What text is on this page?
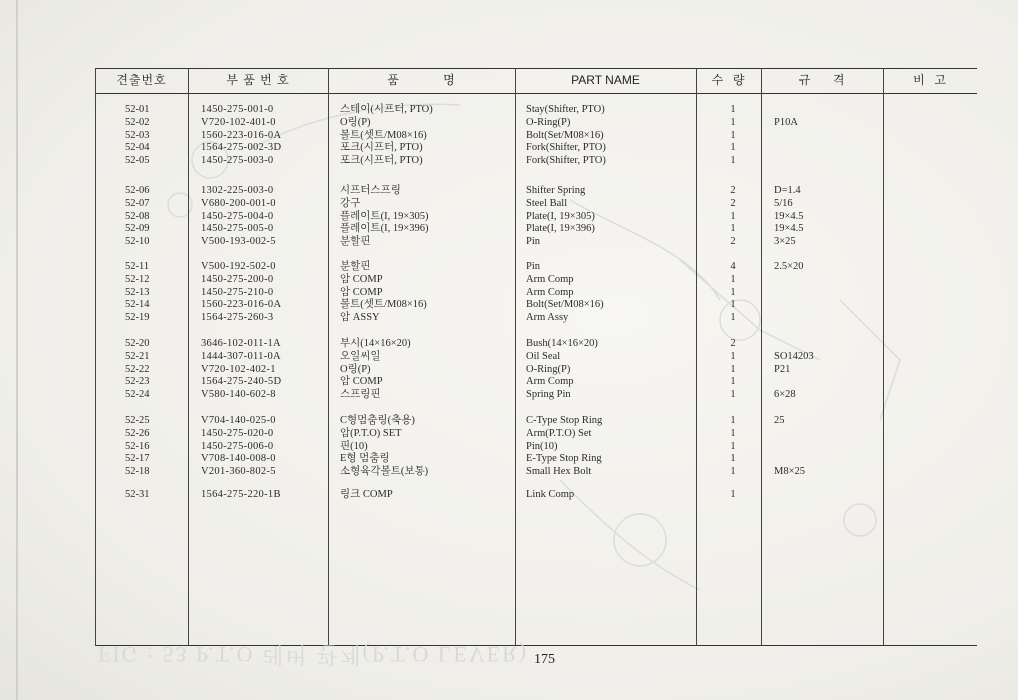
견출번호	부 품 번 호	품          명	PART NAME	수  량	규     격	비  고
52-01	1450-275-001-0	스테이(시프터, PTO)	Stay(Shifter, PTO)	1
52-02	V720-102-401-0	O링(P)	O-Ring(P)	1	P10A
52-03	1560-223-016-0A	볼트(셋트/M08×16)	Bolt(Set/M08×16)	1
52-04	1564-275-002-3D	포크(시프터, PTO)	Fork(Shifter, PTO)	1
52-05	1450-275-003-0	포크(시프터, PTO)	Fork(Shifter, PTO)	1
52-06	1302-225-003-0	시프터스프링	Shifter Spring	2	D=1.4
52-07	V680-200-001-0	강구	Steel Ball	2	5/16
52-08	1450-275-004-0	플레이트(I, 19×305)	Plate(I, 19×305)	1	19×4.5
52-09	1450-275-005-0	플레이트(I, 19×396)	Plate(I, 19×396)	1	19×4.5
52-10	V500-193-002-5	분할핀	Pin	2	3×25
52-11	V500-192-502-0	분할핀	Pin	4	2.5×20
52-12	1450-275-200-0	암 COMP	Arm Comp	1
52-13	1450-275-210-0	암 COMP	Arm Comp	1
52-14	1560-223-016-0A	볼트(셋트/M08×16)	Bolt(Set/M08×16)	1
52-19	1564-275-260-3	암 ASSY	Arm Assy	1
52-20	3646-102-011-1A	부시(14×16×20)	Bush(14×16×20)	2
52-21	1444-307-011-0A	오일씨일	Oil Seal	1	SO14203
52-22	V720-102-402-1	O링(P)	O-Ring(P)	1	P21
52-23	1564-275-240-5D	암 COMP	Arm Comp	1
52-24	V580-140-602-8	스프링핀	Spring Pin	1	6×28
52-25	V704-140-025-0	C형멈춤링(축용)	C-Type Stop Ring	1	25
52-26	1450-275-020-0	암(P.T.O) SET	Arm(P.T.O) Set	1
52-16	1450-275-006-0	핀(10)	Pin(10)	1
52-17	V708-140-008-0	E형 멈춤링	E-Type Stop Ring	1
52-18	V201-360-802-5	소형육각볼트(보통)	Small Hex Bolt	1	M8×25
52-31	1564-275-220-1B	링크 COMP	Link Comp	1
FIG : 53 P.T.O 레버 관계(P.T.O LEVER) 175
